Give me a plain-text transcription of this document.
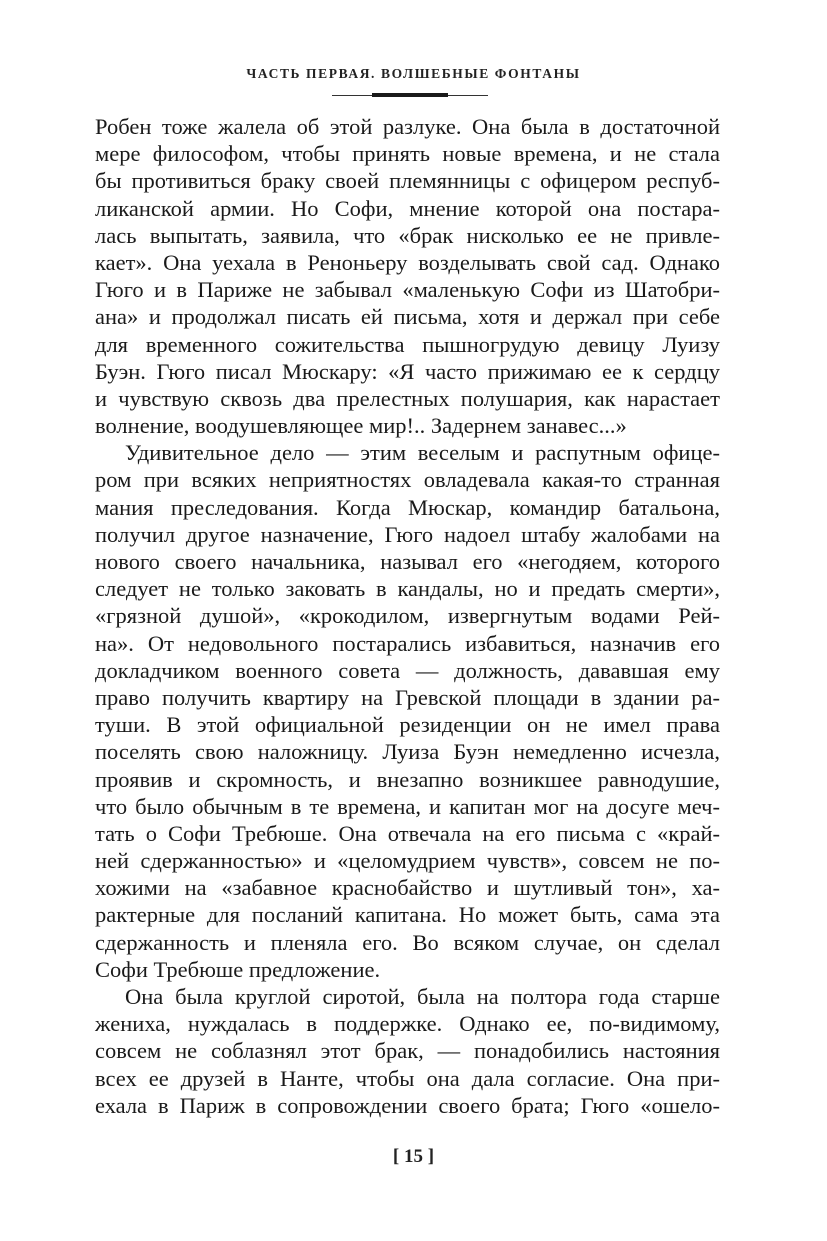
ЧАСТЬ ПЕРВАЯ. ВОЛШЕБНЫЕ ФОНТАНЫ
Робен тоже жалела об этой разлуке. Она была в достаточной
мере философом, чтобы принять новые времена, и не стала
бы противиться браку своей племянницы с офицером респуб-
ликанской армии. Но Софи, мнение которой она постара-
лась выпытать, заявила, что «брак нисколько ее не привле-
кает». Она уехала в Реноньеру возделывать свой сад. Однако
Гюго и в Париже не забывал «маленькую Софи из Шатобри-
ана» и продолжал писать ей письма, хотя и держал при себе
для временного сожительства пышногрудую девицу Луизу
Буэн. Гюго писал Мюскару: «Я часто прижимаю ее к сердцу
и чувствую сквозь два прелестных полушария, как нарастает
волнение, воодушевляющее мир!.. Задернем занавес...»
Удивительное дело — этим веселым и распутным офице-
ром при всяких неприятностях овладевала какая-то странная
мания преследования. Когда Мюскар, командир батальона,
получил другое назначение, Гюго надоел штабу жалобами на
нового своего начальника, называл его «негодяем, которого
следует не только заковать в кандалы, но и предать смерти»,
«грязной душой», «крокодилом, извергнутым водами Рей-
на». От недовольного постарались избавиться, назначив его
докладчиком военного совета — должность, дававшая ему
право получить квартиру на Гревской площади в здании ра-
туши. В этой официальной резиденции он не имел права
поселять свою наложницу. Луиза Буэн немедленно исчезла,
проявив и скромность, и внезапно возникшее равнодушие,
что было обычным в те времена, и капитан мог на досуге меч-
тать о Софи Требюше. Она отвечала на его письма с «край-
ней сдержанностью» и «целомудрием чувств», совсем не по-
хожими на «забавное краснобайство и шутливый тон», ха-
рактерные для посланий капитана. Но может быть, сама эта
сдержанность и пленяла его. Во всяком случае, он сделал
Софи Требюше предложение.
Она была круглой сиротой, была на полтора года старше
жениха, нуждалась в поддержке. Однако ее, по-видимому,
совсем не соблазнял этот брак, — понадобились настояния
всех ее друзей в Нанте, чтобы она дала согласие. Она при-
ехала в Париж в сопровождении своего брата; Гюго «ошело-
[ 15 ]
